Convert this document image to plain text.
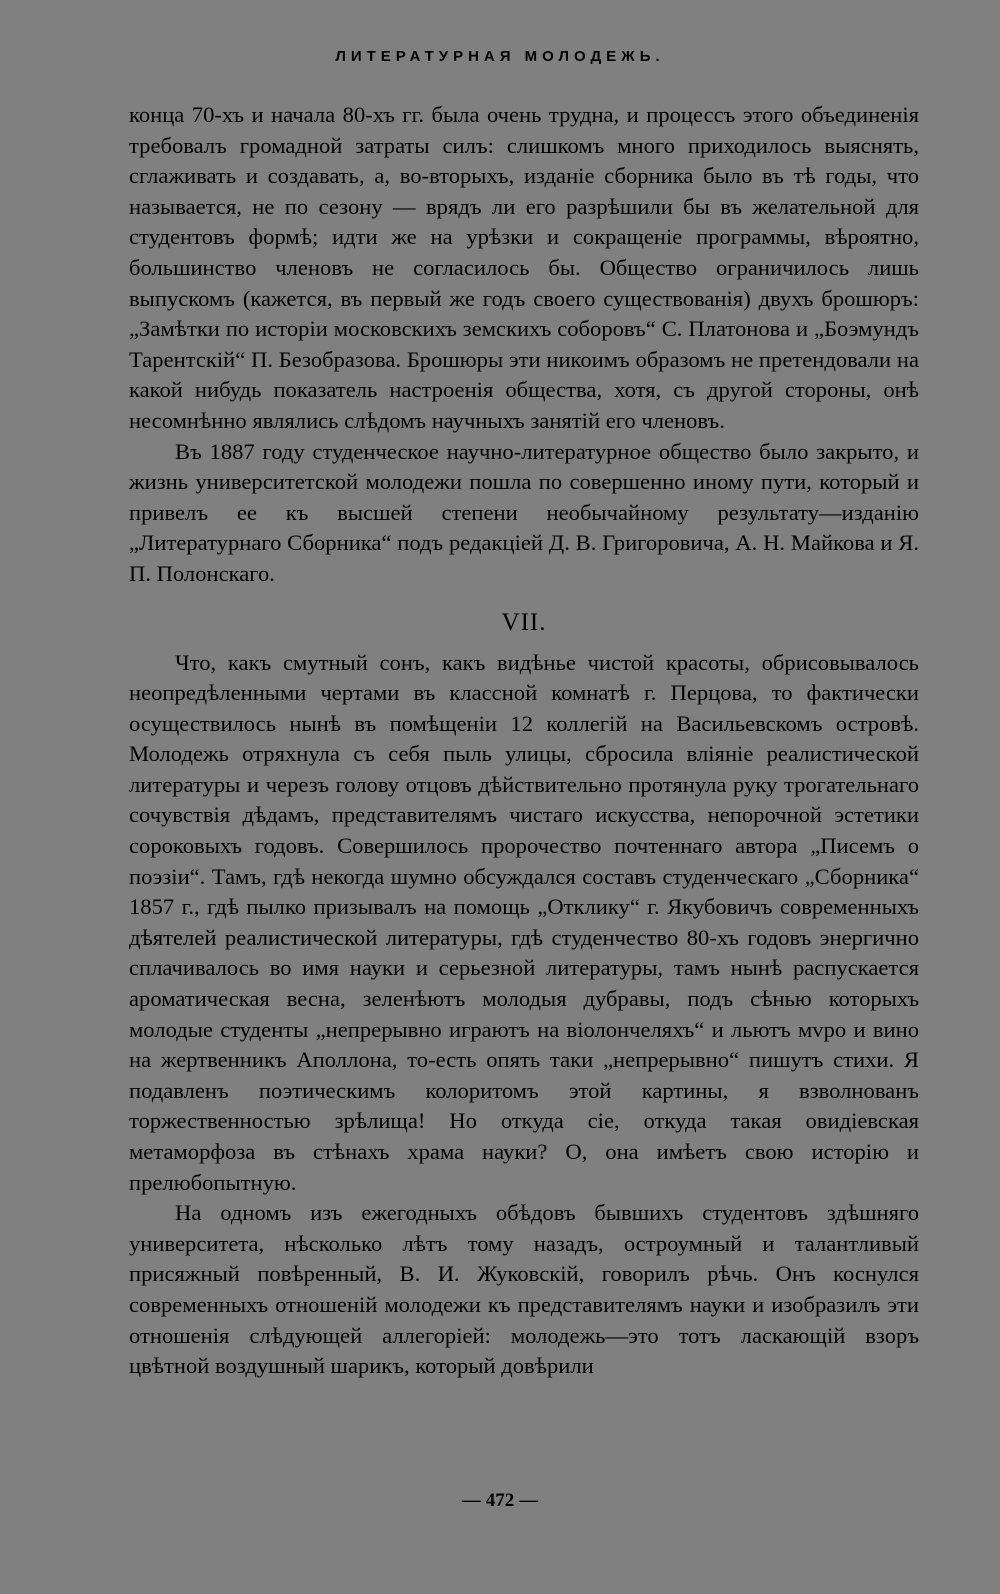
ЛИТЕРАТУРНАЯ МОЛОДЕЖЬ.

конца 70-хъ и начала 80-хъ гг. была очень трудна, и процессъ этого объединенія требовалъ громадной затраты силъ: слишкомъ много приходилось выяснять, сглаживать и создавать, а, во-вторыхъ, изданіе сборника было въ тѣ годы, что называется, не по сезону — врядъ ли его разрѣшили бы въ желательной для студентовъ формѣ; идти же на урѣзки и сокращеніе программы, вѣроятно, большинство членовъ не согласилось бы. Общество ограничилось лишь выпускомъ (кажется, въ первый же годъ своего существованія) двухъ брошюръ: „Замѣтки по исторіи московскихъ земскихъ соборовъ“ С. Платонова и „Боэмундъ Тарентскій“ П. Безобразова. Брошюры эти никоимъ образомъ не претендовали на какой нибудь показатель настроенія общества, хотя, съ другой стороны, онѣ несомнѣнно являлись слѣдомъ научныхъ занятій его членовъ.

Въ 1887 году студенческое научно-литературное общество было закрыто, и жизнь университетской молодежи пошла по совершенно иному пути, который и привелъ ее къ высшей степени необычайному результату—изданію „Литературнаго Сборника“ подъ редакціей Д. В. Григоровича, А. Н. Майкова и Я. П. Полонскаго.

VII.

Что, какъ смутный сонъ, какъ видѣнье чистой красоты, обрисовывалось неопредѣленными чертами въ классной комнатѣ г. Перцова, то фактически осуществилось нынѣ въ помѣщеніи 12 коллегій на Васильевскомъ островѣ. Молодежь отряхнула съ себя пыль улицы, сбросила вліяніе реалистической литературы и черезъ голову отцовъ дѣйствительно протянула руку трогательнаго сочувствія дѣдамъ, представителямъ чистаго искусства, непорочной эстетики сороковыхъ годовъ. Совершилось пророчество почтеннаго автора „Писемъ о поэзіи“. Тамъ, гдѣ некогда шумно обсуждался составъ студенческаго „Сборника“ 1857 г., гдѣ пылко призывалъ на помощь „Отклику“ г. Якубовичъ современныхъ дѣятелей реалистической литературы, гдѣ студенчество 80-хъ годовъ энергично сплачивалось во имя науки и серьезной литературы, тамъ нынѣ распускается ароматическая весна, зеленѣютъ молодыя дубравы, подъ сѣнью которыхъ молодые студенты „непрерывно играютъ на віолончеляхъ“ и льютъ мvро и вино на жертвенникъ Аполлона, то-есть опять таки „непрерывно“ пишутъ стихи. Я подавленъ поэтическимъ колоритомъ этой картины, я взволнованъ торжественностью зрѣлища! Но откуда сіе, откуда такая овидіевская метаморфоза въ стѣнахъ храма науки? О, она имѣетъ свою исторію и прелюбопытную.

На одномъ изъ ежегодныхъ обѣдовъ бывшихъ студентовъ здѣшняго университета, нѣсколько лѣтъ тому назадъ, остроумный и талантливый присяжный повѣренный, В. И. Жуковскій, говорилъ рѣчь. Онъ коснулся современныхъ отношеній молодежи къ представителямъ науки и изобразилъ эти отношенія слѣдующей аллегоріей: молодежь—это тотъ ласкающій взоръ цвѣтной воздушный шарикъ, который довѣрили

— 472 —
